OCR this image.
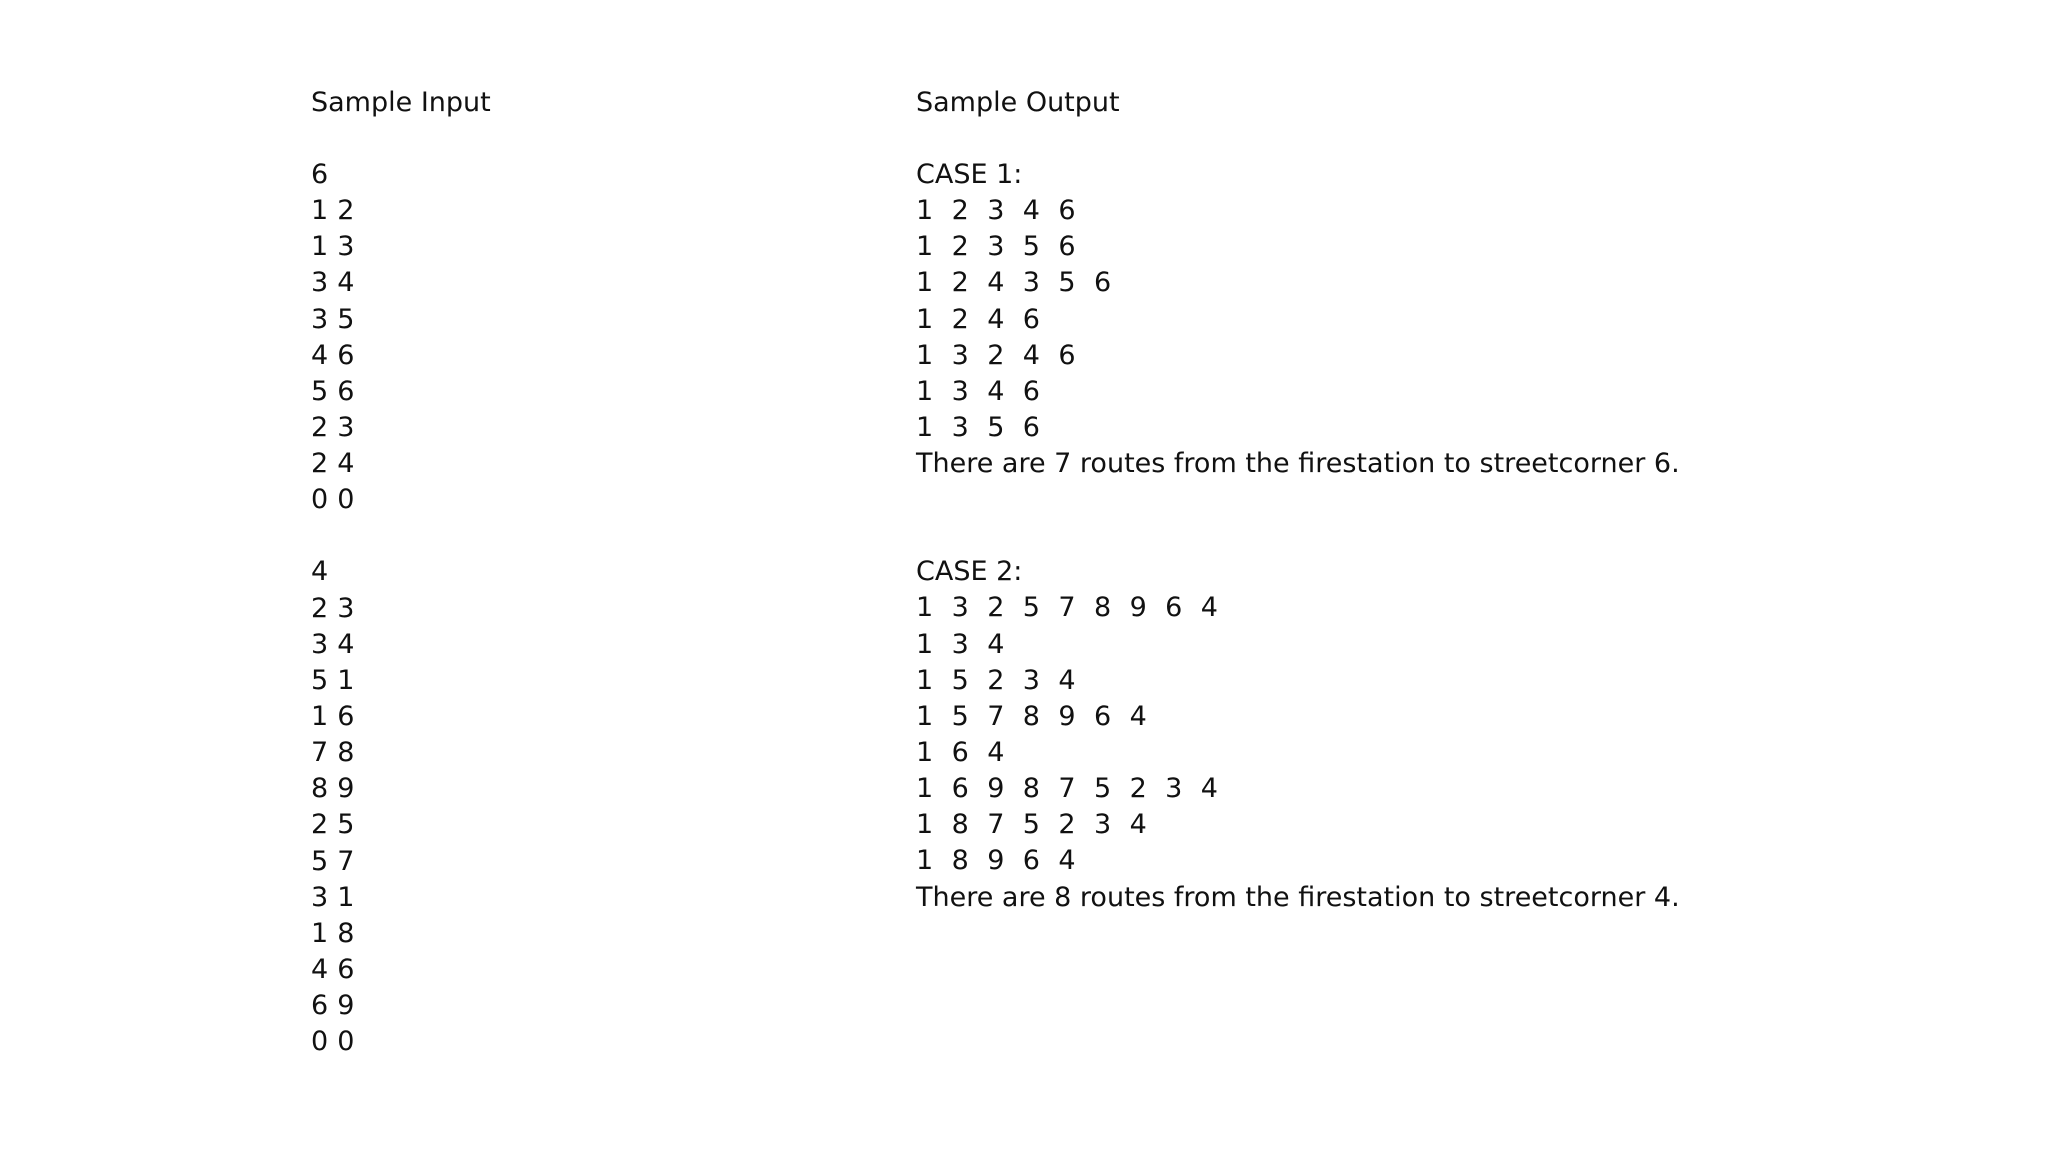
Sample Input
6
1 2
1 3
3 4
3 5
4 6
5 6
2 3
2 4
0 0
4
2 3
3 4
5 1
1 6
7 8
8 9
2 5
5 7
3 1
1 8
4 6
6 9
0 0
Sample Output
CASE 1:
1 2 3 4 6
1 2 3 5 6
1 2 4 3 5 6
1 2 4 6
1 3 2 4 6
1 3 4 6
1 3 5 6
There are 7 routes from the firestation to streetcorner 6.
CASE 2:
1 3 2 5 7 8 9 6 4
1 3 4
1 5 2 3 4
1 5 7 8 9 6 4
1 6 4
1 6 9 8 7 5 2 3 4
1 8 7 5 2 3 4
1 8 9 6 4
There are 8 routes from the firestation to streetcorner 4.
